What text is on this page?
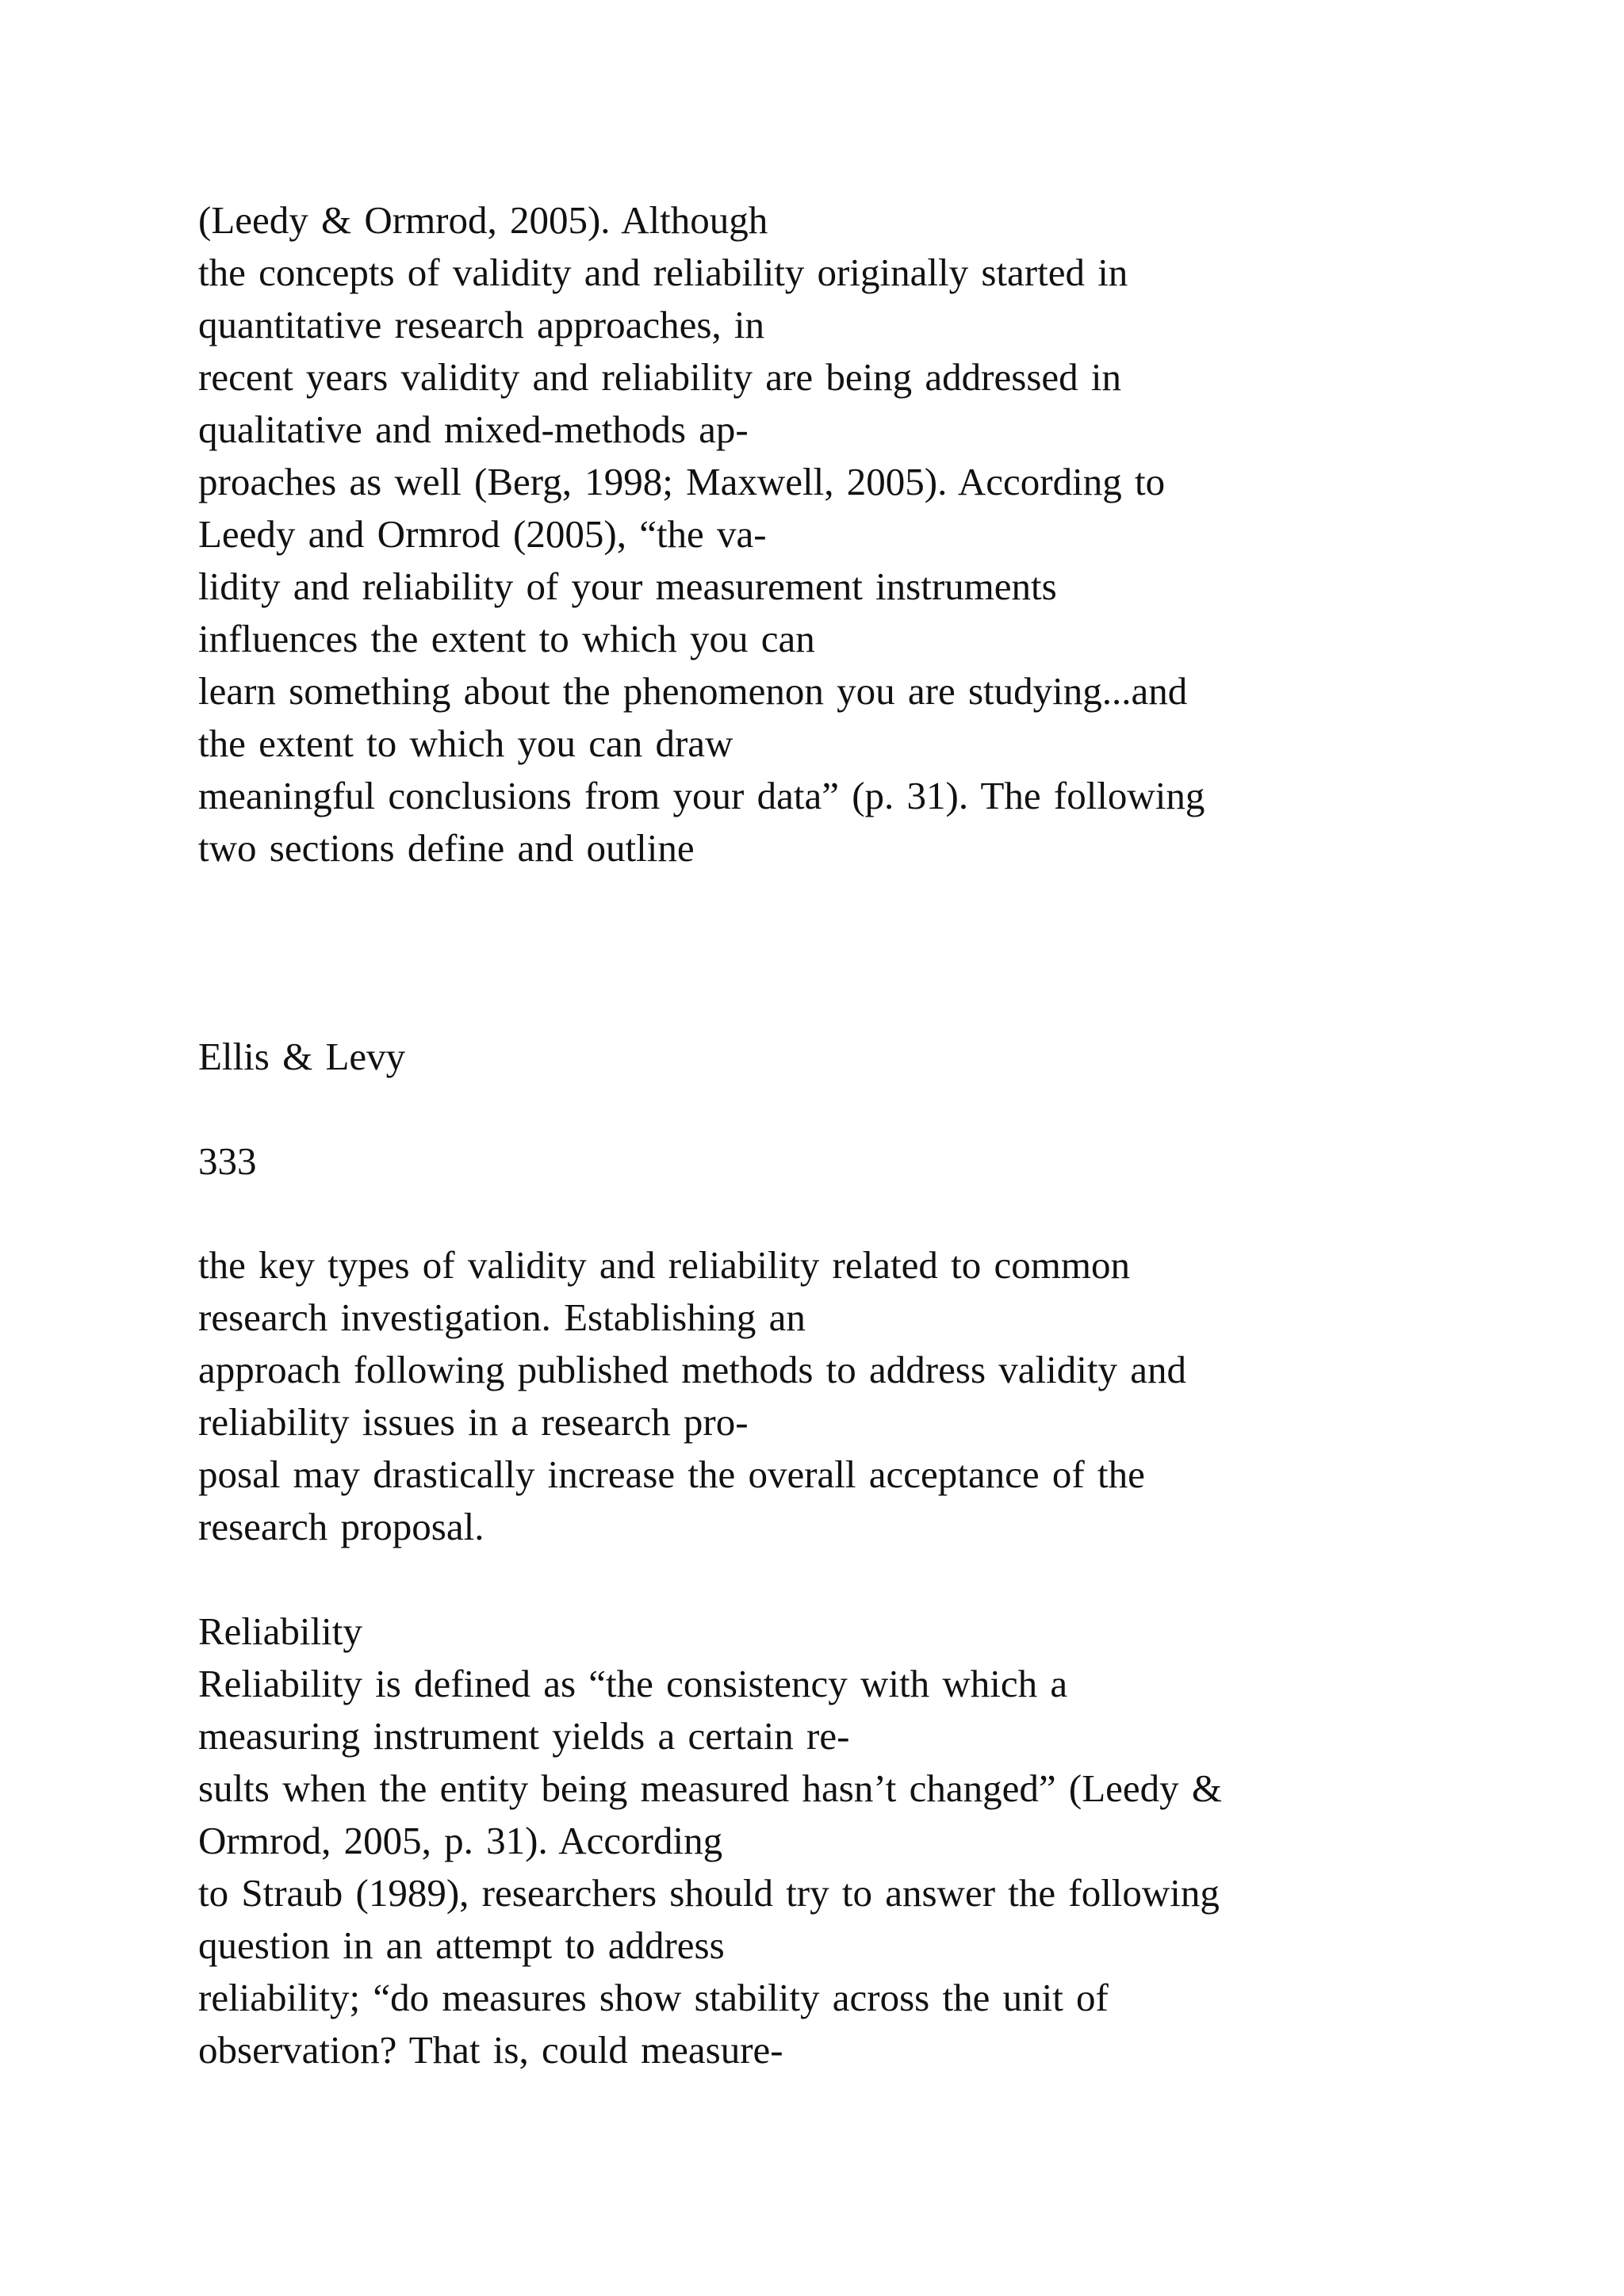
(Leedy & Ormrod, 2005). Although
the concepts of validity and reliability originally started in
quantitative research approaches, in
recent years validity and reliability are being addressed in
qualitative and mixed-methods ap-
proaches as well (Berg, 1998; Maxwell, 2005). According to
Leedy and Ormrod (2005), “the va-
lidity and reliability of your measurement instruments
influences the extent to which you can
learn something about the phenomenon you are studying...and
the extent to which you can draw
meaningful conclusions from your data” (p. 31). The following
two sections define and outline
Ellis & Levy
333
the key types of validity and reliability related to common
research investigation. Establishing an
approach following published methods to address validity and
reliability issues in a research pro-
posal may drastically increase the overall acceptance of the
research proposal.
Reliability
Reliability is defined as “the consistency with which a
measuring instrument yields a certain re-
sults when the entity being measured hasn’t changed” (Leedy &
Ormrod, 2005, p. 31). According
to Straub (1989), researchers should try to answer the following
question in an attempt to address
reliability; “do measures show stability across the unit of
observation? That is, could measure-
